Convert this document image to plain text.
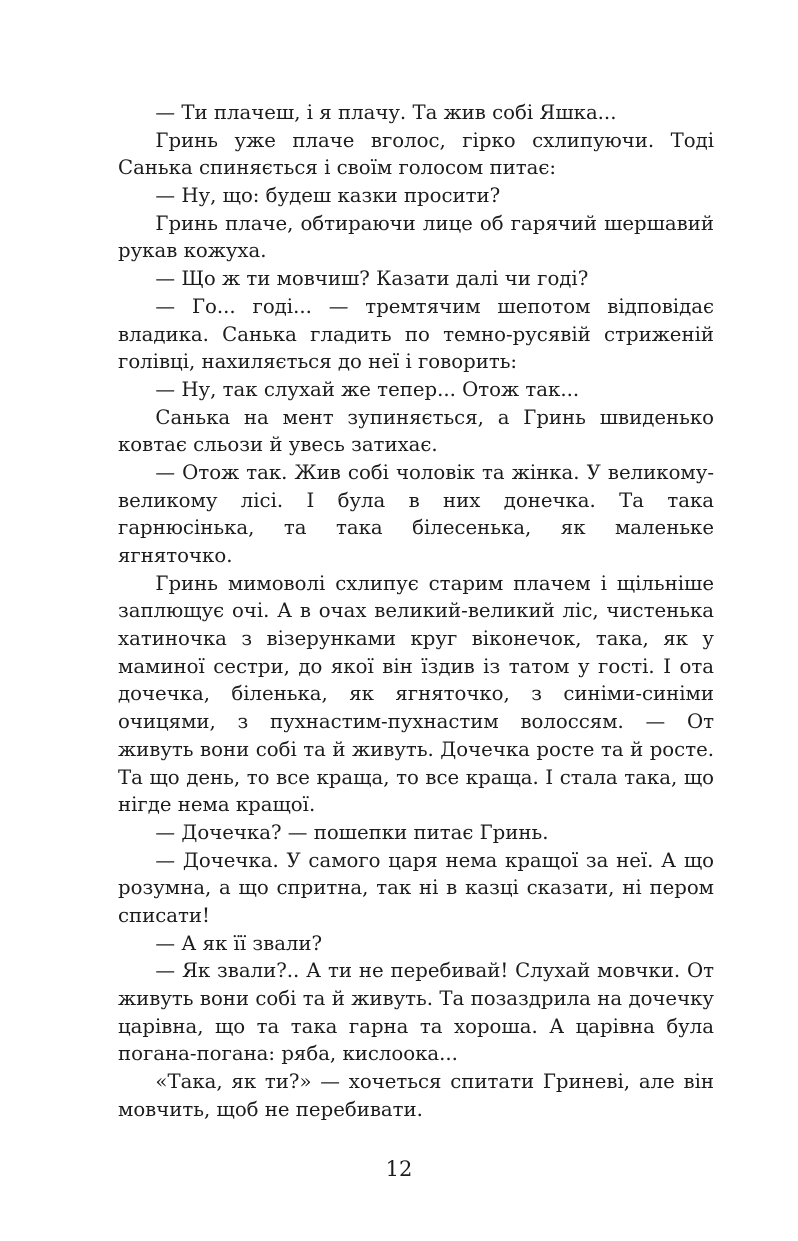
— Ти плачеш, і я плачу. Та жив собі Яшка...

Гринь уже плаче вголос, гірко схлипуючи. Тоді Санька спиняється і своїм голосом питає:

— Ну, що: будеш казки просити?

Гринь плаче, обтираючи лице об гарячий шершавий рукав кожуха.

— Що ж ти мовчиш? Казати далі чи годі?

— Го... годі... — тремтячим шепотом відповідає владика. Санька гладить по темно-русявій стриженій голівці, нахиляється до неї і говорить:

— Ну, так слухай же тепер... Отож так...

Санька на мент зупиняється, а Гринь швиденько ковтає сльози й увесь затихає.

— Отож так. Жив собі чоловік та жінка. У великому-великому лісі. І була в них донечка. Та така гарнюсінька, та така білесенька, як маленьке ягняточко.

Гринь мимоволі схлипує старим плачем і щільніше заплющує очі. А в очах великий-великий ліс, чистенька хатиночка з візерунками круг віконечок, така, як у маминої сестри, до якої він їздив із татом у гості. І ота дочечка, біленька, як ягняточко, з синіми-синіми очицями, з пухнастим-пухнастим волоссям. — От живуть вони собі та й живуть. Дочечка росте та й росте. Та що день, то все краща, то все краща. І стала така, що нігде нема кращої.

— Дочечка? — пошепки питає Гринь.

— Дочечка. У самого царя нема кращої за неї. А що розумна, а що спритна, так ні в казці сказати, ні пером списати!

— А як її звали?

— Як звали?.. А ти не перебивай! Слухай мовчки. От живуть вони собі та й живуть. Та позаздрила на дочечку царівна, що та така гарна та хороша. А царівна була погана-погана: ряба, кислоока...

«Така, як ти?» — хочеться спитати Гриневі, але він мовчить, щоб не перебивати.

12
